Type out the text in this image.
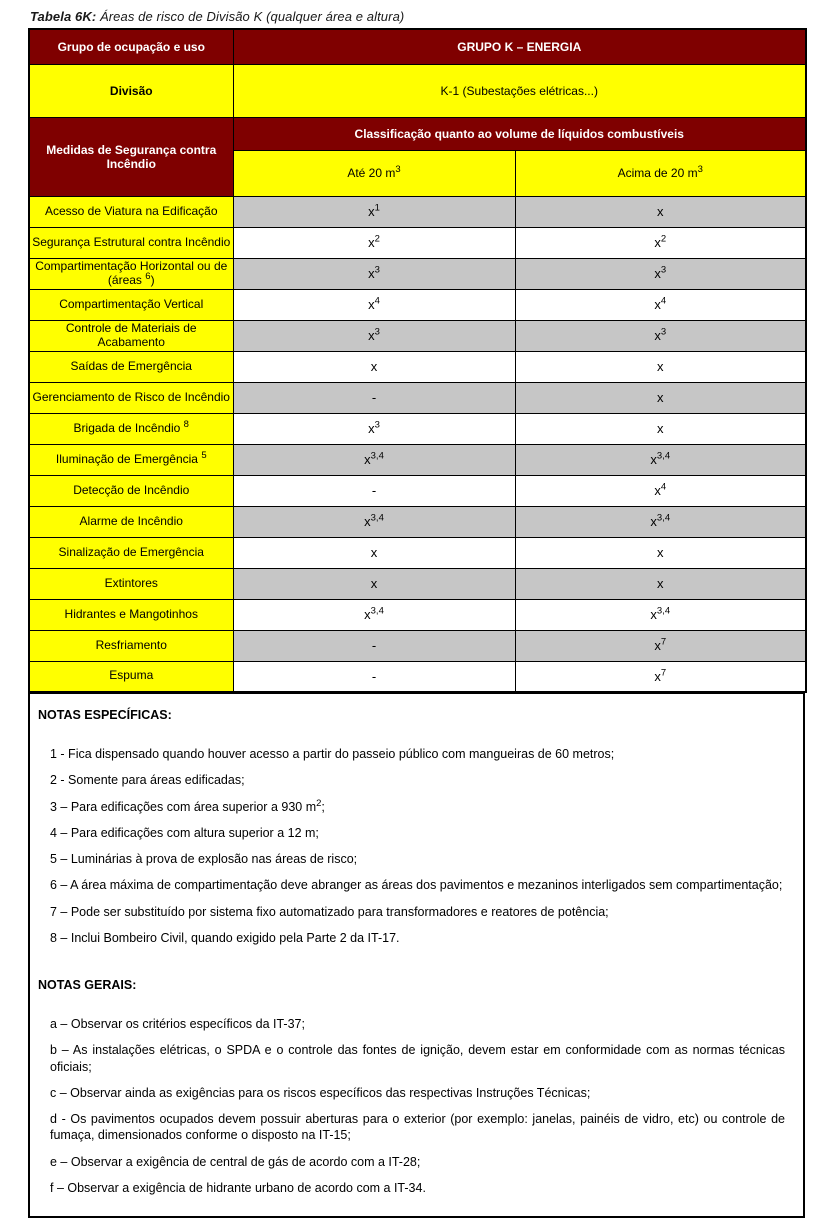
Tabela 6K: Áreas de risco de Divisão K (qualquer área e altura)
Grupo de ocupação e uso	GRUPO K – ENERGIA	
Divisão	K-1 (Subestações elétricas...)	
Medidas de Segurança contra Incêndio	Classificação quanto ao volume de líquidos combustíveis	
	Até 20 $m^3$	Acima de 20 $m^3$
Acesso de Viatura na Edificação	$x^1$	x
Segurança Estrutural contra Incêndio	$x^2$	$x^2$
Compartimentação Horizontal ou de (áreas $^6$)	$x^3$	$x^3$
Compartimentação Vertical	$x^4$	$x^4$
Controle de Materiais de Acabamento	$x^3$	$x^3$
Saídas de Emergência	x	x
Gerenciamento de Risco de Incêndio	-	x
Brigada de Incêndio $^8$	$x^3$	x
Iluminação de Emergência $^5$	$x^{3,4}$	$x^{3,4}$
Detecção de Incêndio	-	$x^4$
Alarme de Incêndio	$x^{3,4}$	$x^{3,4}$
Sinalização de Emergência	x	x
Extintores	x	x
Hidrantes e Mangotinhos	$x^{3,4}$	$x^{3,4}$
Resfriamento	-	$x^7$
Espuma	-	$x^7$

NOTAS ESPECÍFICAS:

1 - Fica dispensado quando houver acesso a partir do passeio público com mangueiras de 60 metros;

2 - Somente para áreas edificadas;

3 – Para edificações com área superior a 930 $m^2$;

4 – Para edificações com altura superior a 12 m;

5 – Luminárias à prova de explosão nas áreas de risco;

6 – A área máxima de compartimentação deve abranger as áreas dos pavimentos e mezaninos interligados sem compartimentação;

7 – Pode ser substituído por sistema fixo automatizado para transformadores e reatores de potência;

8 – Inclui Bombeiro Civil, quando exigido pela Parte 2 da IT-17.

NOTAS GERAIS:

a – Observar os critérios específicos da IT-37;

b – As instalações elétricas, o SPDA e o controle das fontes de ignição, devem estar em conformidade com as normas técnicas oficiais;

c – Observar ainda as exigências para os riscos específicos das respectivas Instruções Técnicas;

d - Os pavimentos ocupados devem possuir aberturas para o exterior (por exemplo: janelas, painéis de vidro, etc) ou controle de fumaça, dimensionados conforme o disposto na IT-15;

e – Observar a exigência de central de gás de acordo com a IT-28;

f – Observar a exigência de hidrante urbano de acordo com a IT-34.
